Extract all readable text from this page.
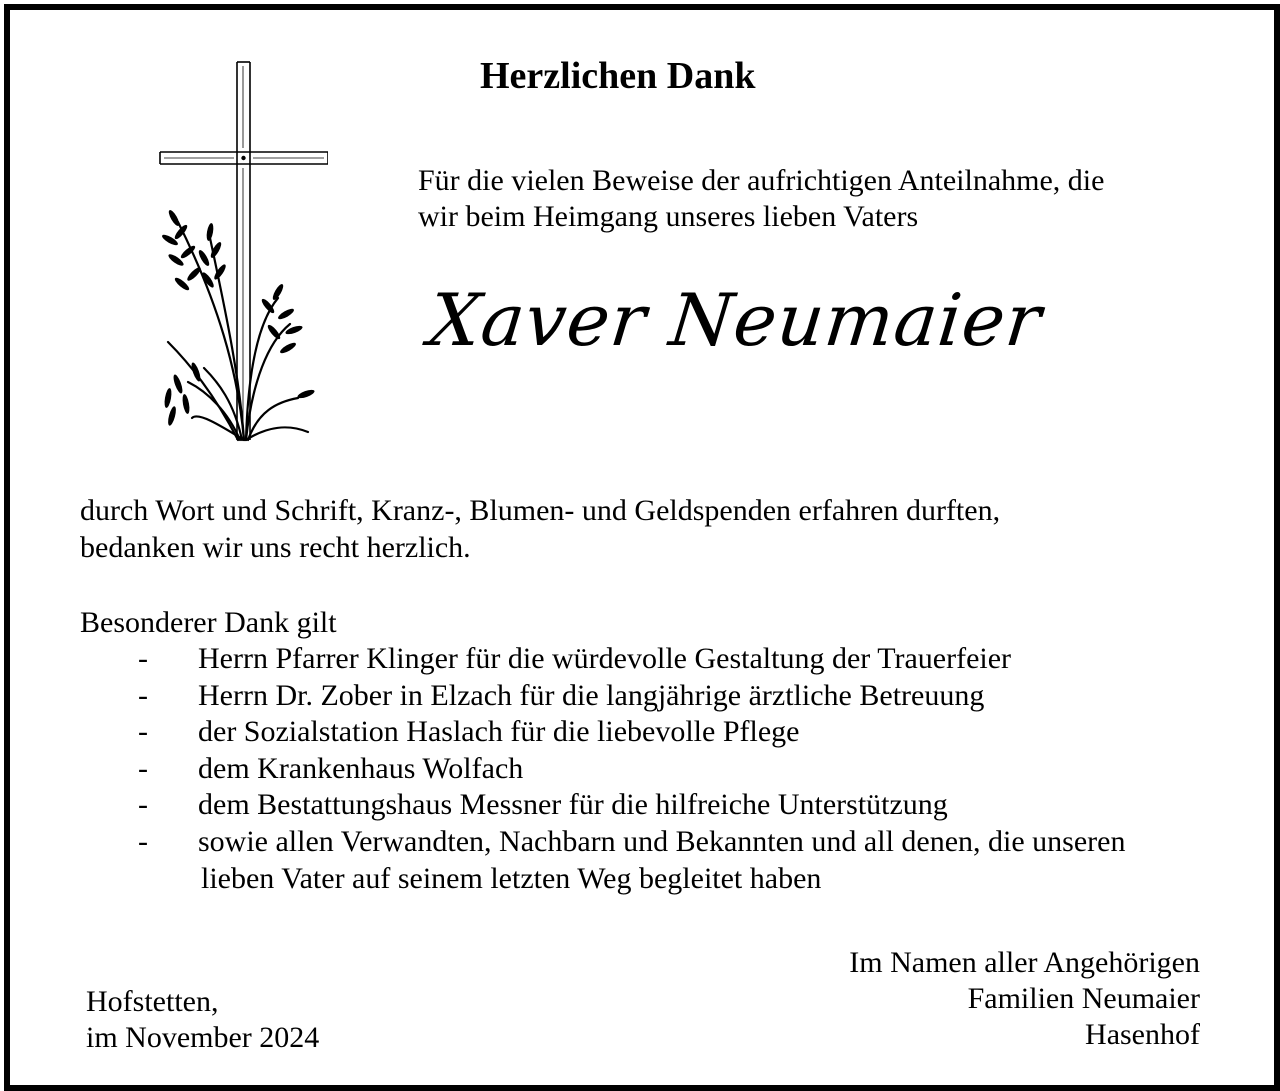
Herzlichen Dank
Für die vielen Beweise der aufrichtigen Anteilnahme, die
wir beim Heimgang unseres lieben Vaters
Xaver Neumaier
durch Wort und Schrift, Kranz-, Blumen- und Geldspenden erfahren durften,
bedanken wir uns recht herzlich.
Besonderer Dank gilt
- Herrn Pfarrer Klinger für die würdevolle Gestaltung der Trauerfeier
- Herrn Dr. Zober in Elzach für die langjährige ärztliche Betreuung
- der Sozialstation Haslach für die liebevolle Pflege
- dem Krankenhaus Wolfach
- dem Bestattungshaus Messner für die hilfreiche Unterstützung
- sowie allen Verwandten, Nachbarn und Bekannten und all denen, die unseren
lieben Vater auf seinem letzten Weg begleitet haben
Hofstetten,
im November 2024
Im Namen aller Angehörigen
Familien Neumaier
Hasenhof
